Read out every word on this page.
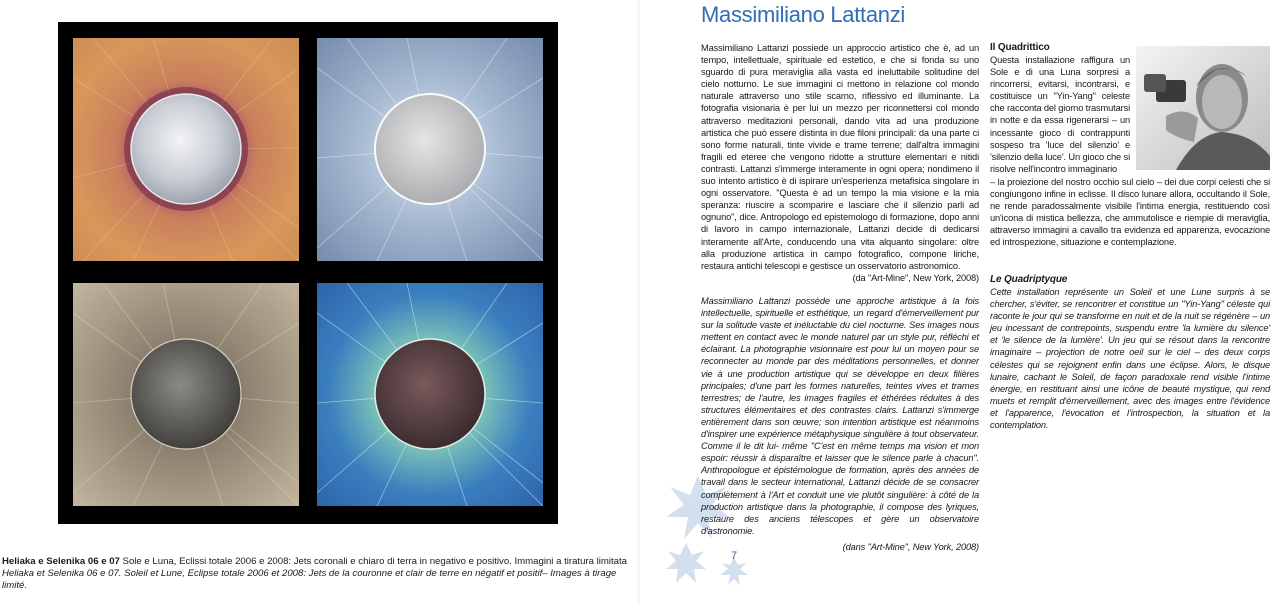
Heliaka e Selenika 06 e 07 Sole e Luna, Eclissi totale 2006 e 2008: Jets coronali e chiaro di terra in negativo e positivo. Immagini a tiratura limitata
Heliaka et Selenika 06 e 07. Soleil et Lune, Eclipse totale 2006 et 2008: Jets de la couronne et clair de terre en négatif et positif– Images à tirage limité.
7
Massimiliano Lattanzi
Massimiliano Lattanzi possiede un approccio artistico che è, ad un tempo, intellettuale, spirituale ed estetico, e che si fonda su uno sguardo di pura meraviglia alla vasta ed ineluttabile solitudine del cielo notturno. Le sue immagini ci mettono in relazione col mondo naturale attraverso uno stile scarno, riflessivo ed illuminante. La fotografia visionaria è per lui un mezzo per riconnettersi col mondo attraverso meditazioni personali, dando vita ad una produzione artistica che può essere distinta in due filoni principali: da una parte ci sono forme naturali, tinte vivide e trame terrene; dall'altra immagini fragili ed eteree che vengono ridotte a strutture elementari e nitidi contrasti. Lattanzi s'immerge interamente in ogni opera; nondimeno il suo intento artistico è di ispirare un'esperienza metafisica singolare in ogni osservatore. "Questa è ad un tempo la mia visione e la mia speranza: riuscire a scomparire e lasciare che il silenzio parli ad ognuno", dice. Antropologo ed epistemologo di formazione, dopo anni di lavoro in campo internazionale, Lattanzi decide di dedicarsi interamente all'Arte, conducendo una vita alquanto singolare: oltre alla produzione artistica in campo fotografico, compone liriche, restaura antichi telescopi e gestisce un osservatorio astronomico.
(da "Art-Mine", New York, 2008)
Massimiliano Lattanzi possède une approche artistique à la fois intellectuelle, spirituelle et esthétique, un regard d'émerveillement pur sur la solitude vaste et inéluctable du ciel nocturne. Ses images nous mettent en contact avec le monde naturel par un style pur, réfléchi et éclairant. La photographie visionnaire est pour lui un moyen pour se reconnecter au monde par des méditations personnelles, et donner vie à une production artistique qui se développe en deux filières principales; d'une part les formes naturelles, teintes vives et trames terrestres; de l'autre, les images fragiles et éthérées réduites à des structures élémentaires et des contrastes clairs. Lattanzi s'immerge entièrement dans son œuvre; son intention artistique est néanmoins d'inspirer une expérience métaphysique singulière à tout observateur. Comme il le dit lui- même "C'est en même temps ma vision et mon espoir: réussir à disparaître et laisser que le silence parle à chacun". Anthropologue et épistémologue de formation, après des années de travail dans le secteur international, Lattanzi décide de se consacrer complètement à l'Art et conduit une vie plutôt singulière: à côté de la production artistique dans la photographie, il compose des lyriques, restaure des anciens télescopes et gère un observatoire d'astronomie.
(dans "Art-Mine", New York, 2008)
Il Quadrittico
Questa installazione raffigura un Sole e di una Luna sorpresi a rincorrersi, evitarsi, incontrarsi, e costituisce un "Yin-Yang" celeste che racconta del giorno trasmutarsi in notte e da essa rigenerarsi – un incessante gioco di contrappunti sospeso tra 'luce del silenzio' e 'silenzio della luce'. Un gioco che si risolve nell'incontro immaginario
– la proiezione del nostro occhio sul cielo – dei due corpi celesti che si congiungono infine in eclisse. Il disco lunare allora, occultando il Sole, ne rende paradossalmente visibile l'intima energia, restituendo così un'icona di mistica bellezza, che ammutolisce e riempie di meraviglia, attraverso immagini a cavallo tra evidenza ed apparenza, evocazione ed introspezione, situazione e contemplazione.
Le Quadriptyque
Cette installation représente un Soleil et une Lune surpris à se chercher, s'éviter, se rencontrer et constitue un "Yin-Yang" céleste qui raconte le jour qui se transforme en nuit et de la nuit se régénère – un jeu incessant de contrepoints, suspendu entre 'la lumière du silence' et 'le silence de la lumière'. Un jeu qui se résout dans la rencontre imaginaire – projection de notre oeil sur le ciel – des deux corps célestes qui se rejoignent enfin dans une éclipse. Alors, le disque lunaire, cachant le Soleil, de façon paradoxale rend visible l'intime énergie, en restituant ainsi une icône de beauté mystique, qui rend muets et remplit d'émerveillement, avec des images entre l'évidence et l'apparence, l'évocation et l'introspection, la situation et la contemplation.
